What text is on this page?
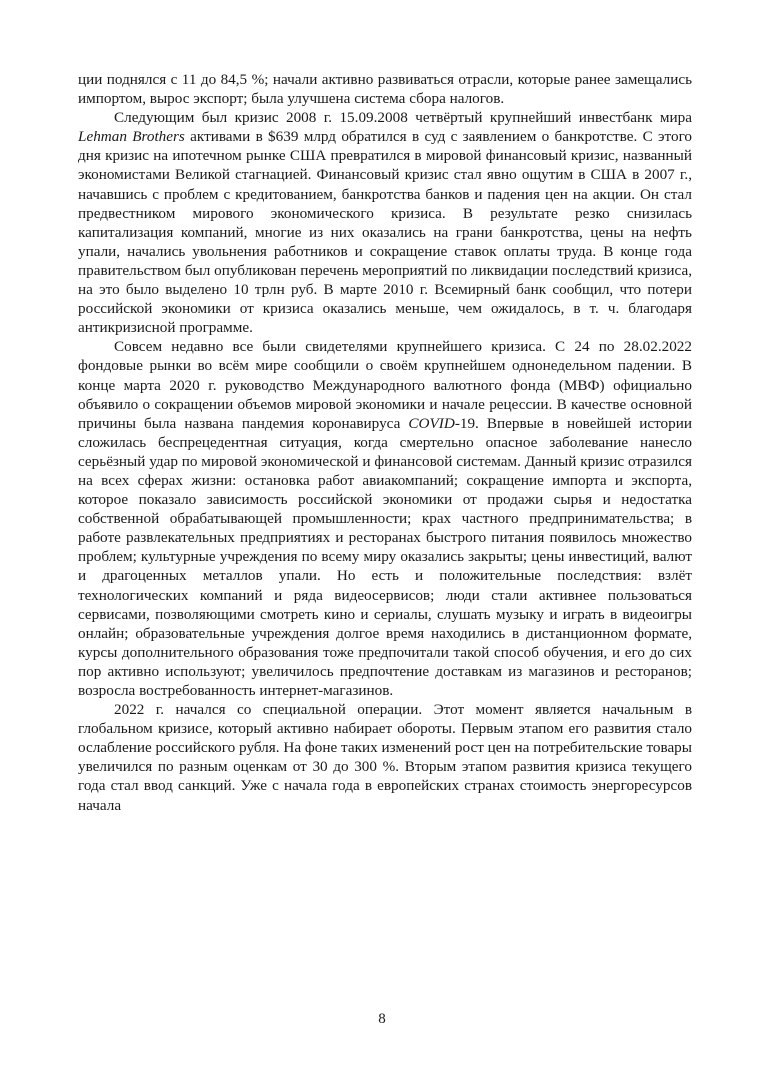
ции поднялся с 11 до 84,5 %; начали активно развиваться отрасли, которые ранее замещались импортом, вырос экспорт; была улучшена система сбора налогов.

Следующим был кризис 2008 г. 15.09.2008 четвёртый крупнейший инвестбанк мира Lehman Brothers активами в $639 млрд обратился в суд с заявлением о банкротстве. С этого дня кризис на ипотечном рынке США превратился в мировой финансовый кризис, названный экономистами Великой стагнацией. Финансовый кризис стал явно ощутим в США в 2007 г., начавшись с проблем с кредитованием, банкротства банков и падения цен на акции. Он стал предвестником мирового экономического кризиса. В результате резко снизилась капитализация компаний, многие из них оказались на грани банкротства, цены на нефть упали, начались увольнения работников и сокращение ставок оплаты труда. В конце года правительством был опубликован перечень мероприятий по ликвидации последствий кризиса, на это было выделено 10 трлн руб. В марте 2010 г. Всемирный банк сообщил, что потери российской экономики от кризиса оказались меньше, чем ожидалось, в т. ч. благодаря антикризисной программе.

Совсем недавно все были свидетелями крупнейшего кризиса. С 24 по 28.02.2022 фондовые рынки во всём мире сообщили о своём крупнейшем однонедельном падении. В конце марта 2020 г. руководство Международного валютного фонда (МВФ) официально объявило о сокращении объемов мировой экономики и начале рецессии. В качестве основной причины была названа пандемия коронавируса COVID-19. Впервые в новейшей истории сложилась беспрецедентная ситуация, когда смертельно опасное заболевание нанесло серьёзный удар по мировой экономической и финансовой системам. Данный кризис отразился на всех сферах жизни: остановка работ авиакомпаний; сокращение импорта и экспорта, которое показало зависимость российской экономики от продажи сырья и недостатка собственной обрабатывающей промышленности; крах частного предпринимательства; в работе развлекательных предприятиях и ресторанах быстрого питания появилось множество проблем; культурные учреждения по всему миру оказались закрыты; цены инвестиций, валют и драгоценных металлов упали. Но есть и положительные последствия: взлёт технологических компаний и ряда видеосервисов; люди стали активнее пользоваться сервисами, позволяющими смотреть кино и сериалы, слушать музыку и играть в видеоигры онлайн; образовательные учреждения долгое время находились в дистанционном формате, курсы дополнительного образования тоже предпочитали такой способ обучения, и его до сих пор активно используют; увеличилось предпочтение доставкам из магазинов и ресторанов; возросла востребованность интернет-магазинов.

2022 г. начался со специальной операции. Этот момент является начальным в глобальном кризисе, который активно набирает обороты. Первым этапом его развития стало ослабление российского рубля. На фоне таких изменений рост цен на потребительские товары увеличился по разным оценкам от 30 до 300 %. Вторым этапом развития кризиса текущего года стал ввод санкций. Уже с начала года в европейских странах стоимость энергоресурсов начала

8
